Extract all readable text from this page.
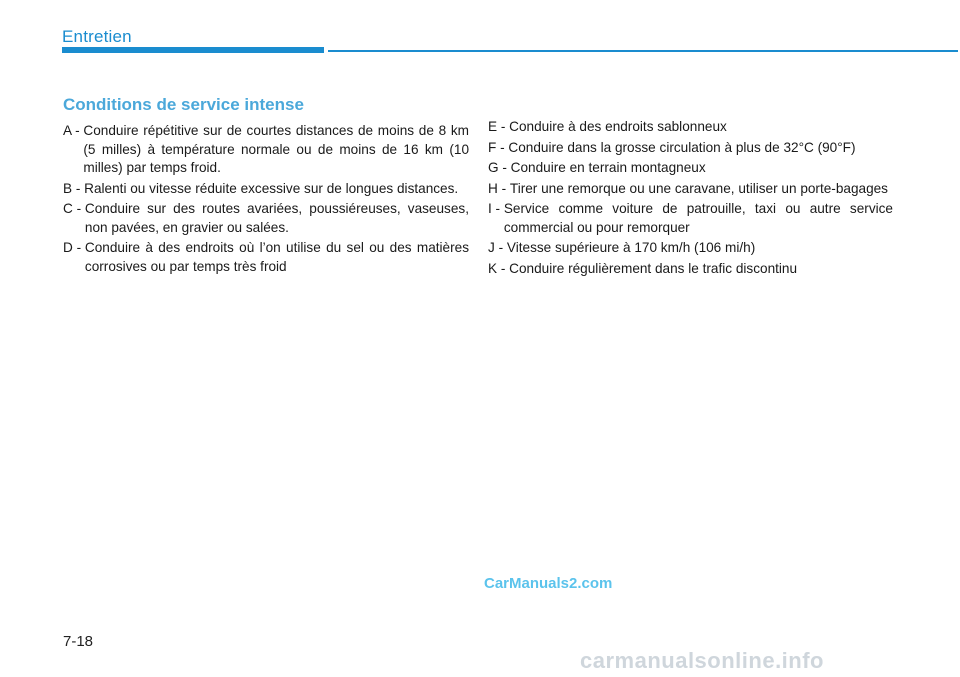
Entretien
Conditions de service intense
A - Conduire répétitive sur de courtes distances de moins de 8 km (5 milles) à température normale ou de moins de 16 km (10 milles) par temps froid.
B - Ralenti ou vitesse réduite excessive sur de longues distances.
C - Conduire sur des routes avariées, poussiéreuses, vaseuses, non pavées, en gravier ou salées.
D - Conduire à des endroits où l’on utilise du sel ou des matières corrosives ou par temps très froid
E - Conduire à des endroits sablonneux
F - Conduire dans la grosse circulation à plus de 32°C (90°F)
G - Conduire en terrain montagneux
H - Tirer une remorque ou une caravane, utiliser un porte-bagages
I - Service comme voiture de patrouille, taxi ou autre service commercial ou pour remorquer
J - Vitesse supérieure à 170 km/h (106 mi/h)
K - Conduire régulièrement dans le trafic discontinu
CarManuals2.com
7-18
carmanualsonline.info
